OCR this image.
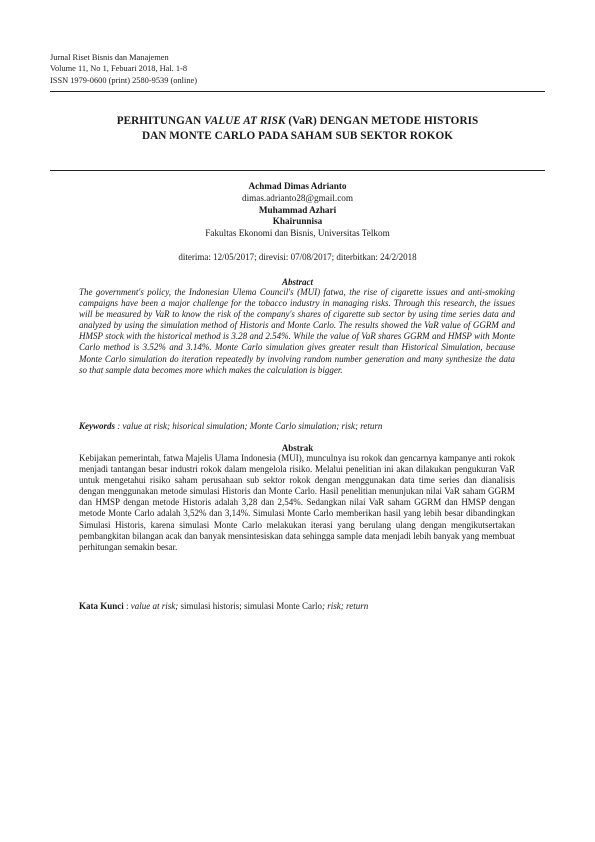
Jurnal Riset Bisnis dan Manajemen
Volume 11, No 1, Febuari 2018, Hal. 1-8
ISSN 1979-0600 (print) 2580-9539 (online)
PERHITUNGAN VALUE AT RISK (VaR) DENGAN METODE HISTORIS
DAN MONTE CARLO PADA SAHAM SUB SEKTOR ROKOK
Achmad Dimas Adrianto
dimas.adrianto28@gmail.com
Muhammad Azhari
Khairunnisa
Fakultas Ekonomi dan Bisnis, Universitas Telkom
diterima: 12/05/2017; direvisi: 07/08/2017; diterbitkan: 24/2/2018
Abstract
The government's policy, the Indonesian Ulema Council's (MUI) fatwa, the rise of cigarette issues and anti-smoking campaigns have been a major challenge for the tobacco industry in managing risks. Through this research, the issues will be measured by VaR to know the risk of the company's shares of cigarette sub sector by using time series data and analyzed by using the simulation method of Historis and Monte Carlo. The results showed the VaR value of GGRM and HMSP stock with the historical method is 3.28 and 2.54%. While the value of VaR shares GGRM and HMSP with Monte Carlo method is 3.52% and 3.14%. Monte Carlo simulation gives greater result than Historical Simulation, because Monte Carlo simulation do iteration repeatedly by involving random number generation and many synthesize the data so that sample data becomes more which makes the calculation is bigger.
Keywords : value at risk; hisorical simulation; Monte Carlo simulation; risk; return
Abstrak
Kebijakan pemerintah, fatwa Majelis Ulama Indonesia (MUI), munculnya isu rokok dan gencarnya kampanye anti rokok menjadi tantangan besar industri rokok dalam mengelola risiko. Melalui penelitian ini akan dilakukan pengukuran VaR untuk mengetahui risiko saham perusahaan sub sektor rokok dengan menggunakan data time series dan dianalisis dengan menggunakan metode simulasi Historis dan Monte Carlo. Hasil penelitian menunjukan nilai VaR saham GGRM dan HMSP dengan metode Historis adalah 3,28 dan 2,54%. Sedangkan nilai VaR saham GGRM dan HMSP dengan metode Monte Carlo adalah 3,52% dan 3,14%. Simulasi Monte Carlo memberikan hasil yang lebih besar dibandingkan Simulasi Historis, karena simulasi Monte Carlo melakukan iterasi yang berulang ulang dengan mengikutsertakan pembangkitan bilangan acak dan banyak mensintesiskan data sehingga sample data menjadi lebih banyak yang membuat perhitungan semakin besar.
Kata Kunci : value at risk; simulasi historis; simulasi Monte Carlo; risk; return
